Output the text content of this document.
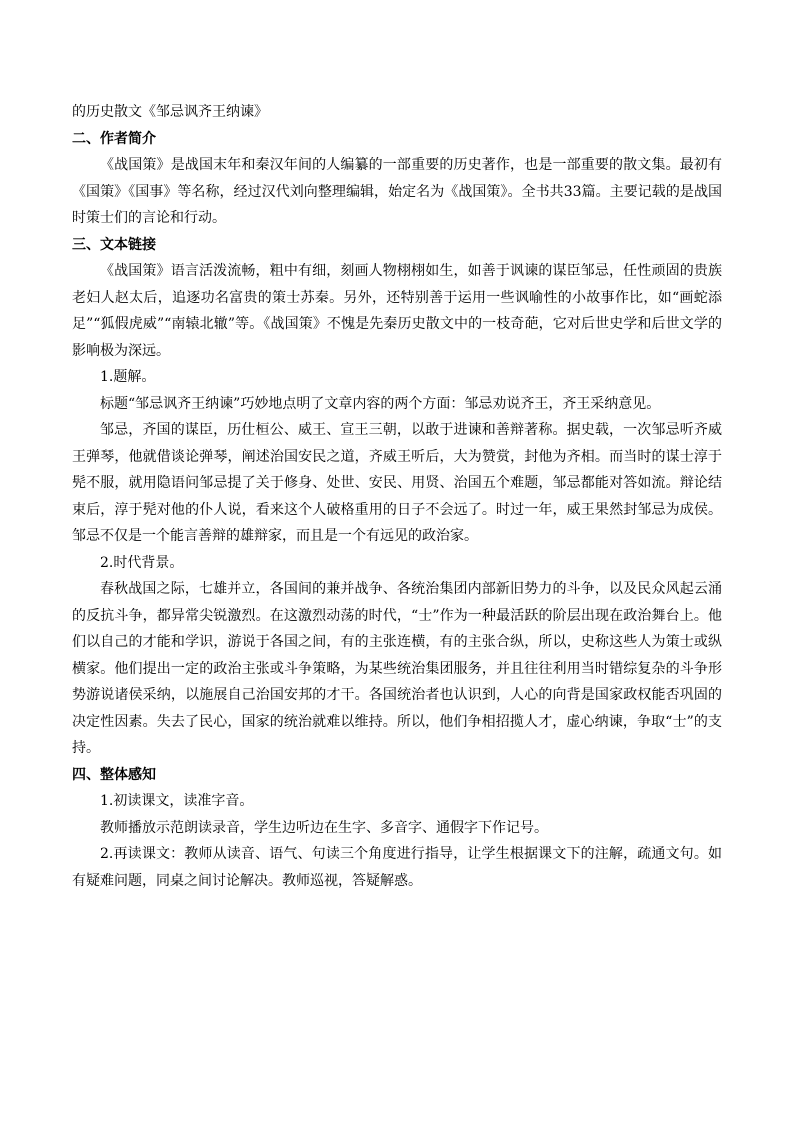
的历史散文《邹忌讽齐王纳谏》

二、作者简介

《战国策》是战国末年和秦汉年间的人编纂的一部重要的历史著作，也是一部重要的散文集。最初有《国策》《国事》等名称，经过汉代刘向整理编辑，始定名为《战国策》。全书共33篇。主要记载的是战国时策士们的言论和行动。

三、文本链接

《战国策》语言活泼流畅，粗中有细，刻画人物栩栩如生，如善于讽谏的谋臣邹忌，任性顽固的贵族老妇人赵太后，追逐功名富贵的策士苏秦。另外，还特别善于运用一些讽喻性的小故事作比，如“画蛇添足”“狐假虎威”“南辕北辙”等。《战国策》不愧是先秦历史散文中的一枝奇葩，它对后世史学和后世文学的影响极为深远。

1.题解。

标题“邹忌讽齐王纳谏”巧妙地点明了文章内容的两个方面：邹忌劝说齐王，齐王采纳意见。

邹忌，齐国的谋臣，历仕桓公、威王、宣王三朝，以敢于进谏和善辩著称。据史载，一次邹忌听齐威王弹琴，他就借谈论弹琴，阐述治国安民之道，齐威王听后，大为赞赏，封他为齐相。而当时的谋士淳于髡不服，就用隐语问邹忌提了关于修身、处世、安民、用贤、治国五个难题，邹忌都能对答如流。辩论结束后，淳于髡对他的仆人说，看来这个人破格重用的日子不会远了。时过一年，威王果然封邹忌为成侯。邹忌不仅是一个能言善辩的雄辩家，而且是一个有远见的政治家。

2.时代背景。

春秋战国之际，七雄并立，各国间的兼并战争、各统治集团内部新旧势力的斗争，以及民众风起云涌的反抗斗争，都异常尖锐激烈。在这激烈动荡的时代，“士”作为一种最活跃的阶层出现在政治舞台上。他们以自己的才能和学识，游说于各国之间，有的主张连横，有的主张合纵，所以，史称这些人为策士或纵横家。他们提出一定的政治主张或斗争策略，为某些统治集团服务，并且往往利用当时错综复杂的斗争形势游说诸侯采纳，以施展自己治国安邦的才干。各国统治者也认识到，人心的向背是国家政权能否巩固的决定性因素。失去了民心，国家的统治就难以维持。所以，他们争相招揽人才，虚心纳谏，争取“士”的支持。

四、整体感知

1.初读课文，读准字音。

教师播放示范朗读录音，学生边听边在生字、多音字、通假字下作记号。

2.再读课文：教师从读音、语气、句读三个角度进行指导，让学生根据课文下的注解，疏通文句。如有疑难问题，同桌之间讨论解决。教师巡视，答疑解惑。
